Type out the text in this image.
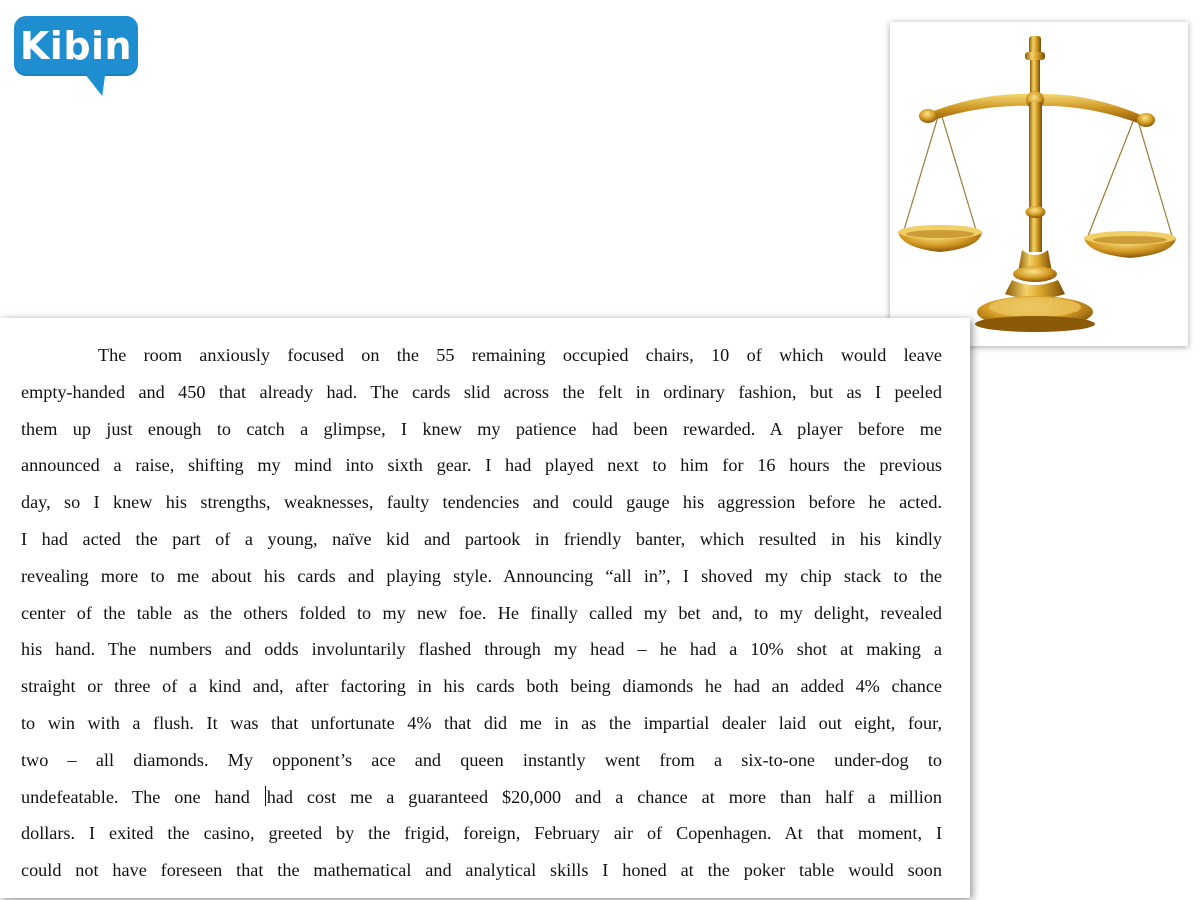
Kibin
The room anxiously focused on the 55 remaining occupied chairs, 10 of which would leave
empty-handed and 450 that already had. The cards slid across the felt in ordinary fashion, but as I peeled
them up just enough to catch a glimpse, I knew my patience had been rewarded. A player before me
announced a raise, shifting my mind into sixth gear. I had played next to him for 16 hours the previous
day, so I knew his strengths, weaknesses, faulty tendencies and could gauge his aggression before he acted.
I had acted the part of a young, naïve kid and partook in friendly banter, which resulted in his kindly
revealing more to me about his cards and playing style. Announcing “all in”, I shoved my chip stack to the
center of the table as the others folded to my new foe. He finally called my bet and, to my delight, revealed
his hand. The numbers and odds involuntarily flashed through my head – he had a 10% shot at making a
straight or three of a kind and, after factoring in his cards both being diamonds he had an added 4% chance
to win with a flush. It was that unfortunate 4% that did me in as the impartial dealer laid out eight, four,
two – all diamonds. My opponent’s ace and queen instantly went from a six-to-one under-dog to
undefeatable. The one hand had cost me a guaranteed $20,000 and a chance at more than half a million
dollars. I exited the casino, greeted by the frigid, foreign, February air of Copenhagen. At that moment, I
could not have foreseen that the mathematical and analytical skills I honed at the poker table would soon
